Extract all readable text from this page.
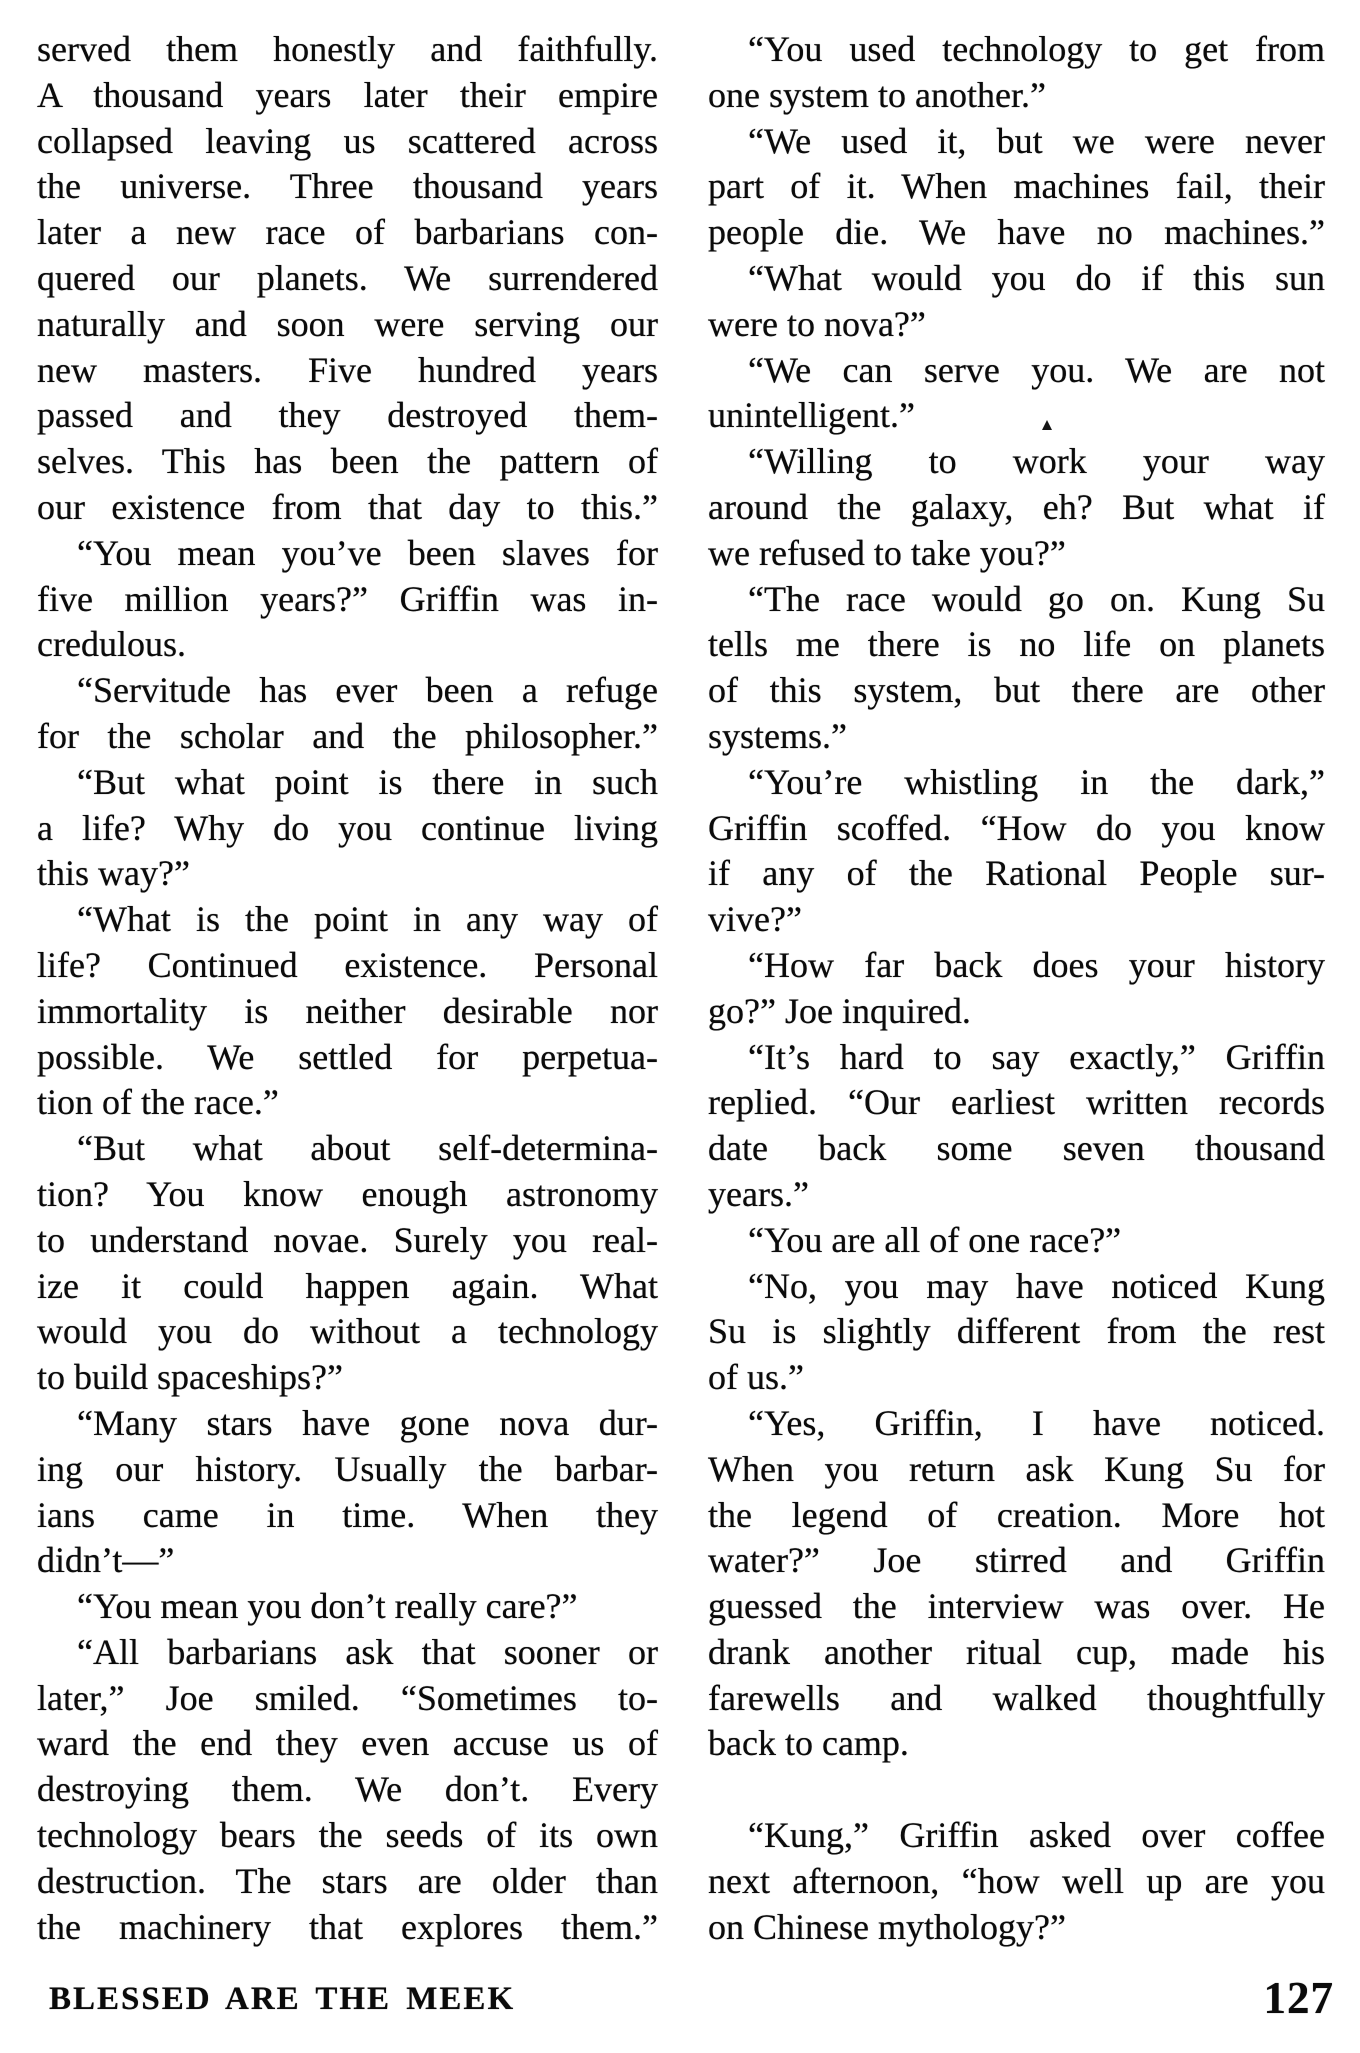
served them honestly and faithfully.
A thousand years later their empire
collapsed leaving us scattered across
the universe. Three thousand years
later a new race of barbarians con-
quered our planets. We surrendered
naturally and soon were serving our
new masters. Five hundred years
passed and they destroyed them-
selves. This has been the pattern of
our existence from that day to this.”
“You mean you’ve been slaves for
five million years?” Griffin was in-
credulous.
“Servitude has ever been a refuge
for the scholar and the philosopher.”
“But what point is there in such
a life? Why do you continue living
this way?”
“What is the point in any way of
life? Continued existence. Personal
immortality is neither desirable nor
possible. We settled for perpetua-
tion of the race.”
“But what about self-determina-
tion? You know enough astronomy
to understand novae. Surely you real-
ize it could happen again. What
would you do without a technology
to build spaceships?”
“Many stars have gone nova dur-
ing our history. Usually the barbar-
ians came in time. When they
didn’t—”
“You mean you don’t really care?”
“All barbarians ask that sooner or
later,” Joe smiled. “Sometimes to-
ward the end they even accuse us of
destroying them. We don’t. Every
technology bears the seeds of its own
destruction. The stars are older than
the machinery that explores them.”
“You used technology to get from
one system to another.”
“We used it, but we were never
part of it. When machines fail, their
people die. We have no machines.”
“What would you do if this sun
were to nova?”
“We can serve you. We are not
unintelligent.”
“Willing to work your way
around the galaxy, eh? But what if
we refused to take you?”
“The race would go on. Kung Su
tells me there is no life on planets
of this system, but there are other
systems.”
“You’re whistling in the dark,”
Griffin scoffed. “How do you know
if any of the Rational People sur-
vive?”
“How far back does your history
go?” Joe inquired.
“It’s hard to say exactly,” Griffin
replied. “Our earliest written records
date back some seven thousand
years.”
“You are all of one race?”
“No, you may have noticed Kung
Su is slightly different from the rest
of us.”
“Yes, Griffin, I have noticed.
When you return ask Kung Su for
the legend of creation. More hot
water?” Joe stirred and Griffin
guessed the interview was over. He
drank another ritual cup, made his
farewells and walked thoughtfully
back to camp.
“Kung,” Griffin asked over coffee
next afternoon, “how well up are you
on Chinese mythology?”
BLESSED ARE THE MEEK	127
